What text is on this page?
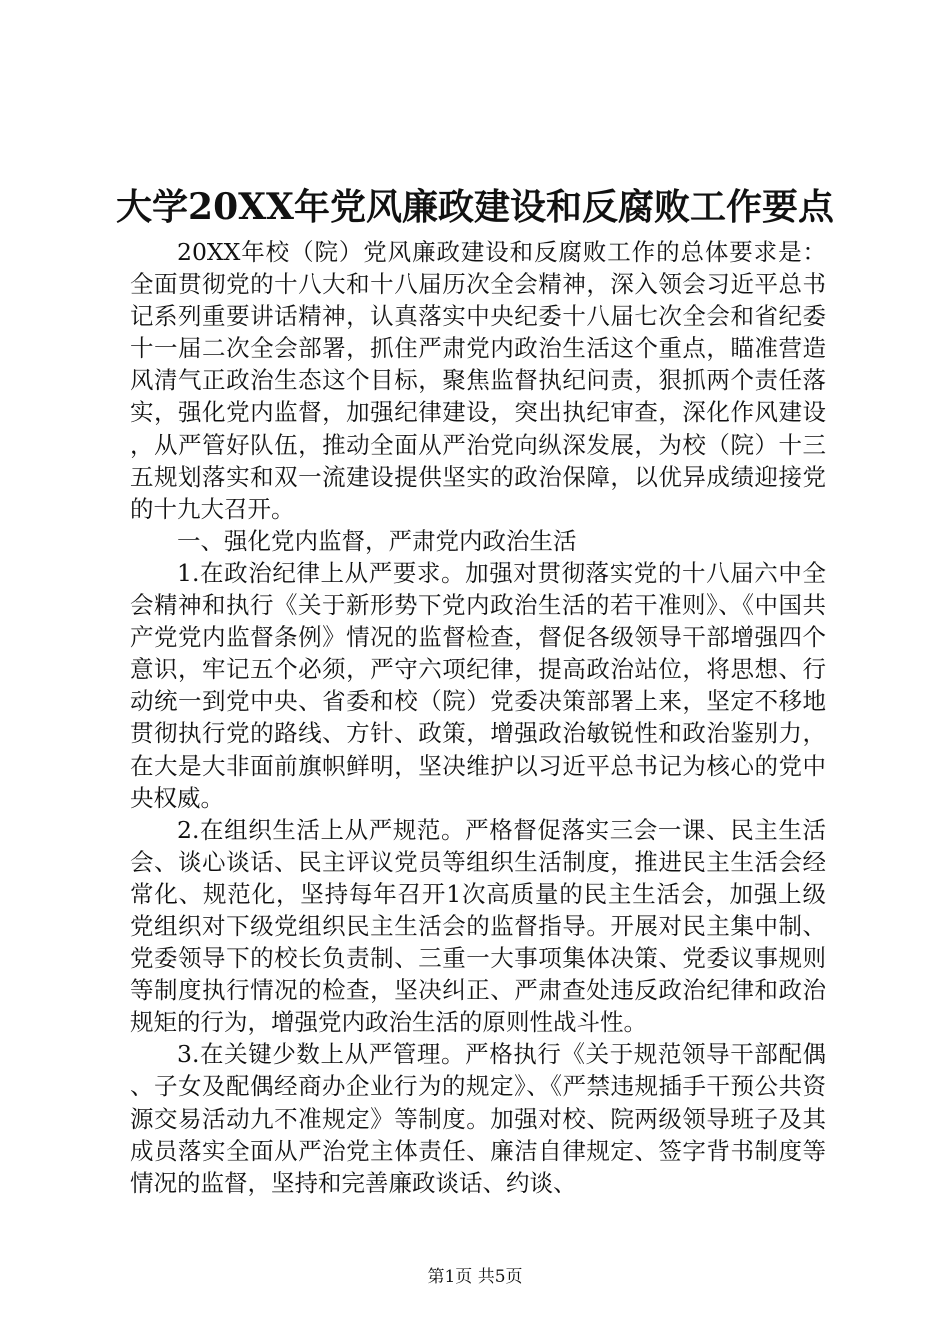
大学20XX年党风廉政建设和反腐败工作要点

20XX年校（院）党风廉政建设和反腐败工作的总体要求是：全面贯彻党的十八大和十八届历次全会精神，深入领会习近平总书记系列重要讲话精神，认真落实中央纪委十八届七次全会和省纪委十一届二次全会部署，抓住严肃党内政治生活这个重点，瞄准营造风清气正政治生态这个目标，聚焦监督执纪问责，狠抓两个责任落实，强化党内监督，加强纪律建设，突出执纪审查，深化作风建设，从严管好队伍，推动全面从严治党向纵深发展，为校（院）十三五规划落实和双一流建设提供坚实的政治保障，以优异成绩迎接党的十九大召开。

一、强化党内监督，严肃党内政治生活

1.在政治纪律上从严要求。加强对贯彻落实党的十八届六中全会精神和执行《关于新形势下党内政治生活的若干准则》、《中国共产党党内监督条例》情况的监督检查，督促各级领导干部增强四个意识，牢记五个必须，严守六项纪律，提高政治站位，将思想、行动统一到党中央、省委和校（院）党委决策部署上来，坚定不移地贯彻执行党的路线、方针、政策，增强政治敏锐性和政治鉴别力，在大是大非面前旗帜鲜明，坚决维护以习近平总书记为核心的党中央权威。

2.在组织生活上从严规范。严格督促落实三会一课、民主生活会、谈心谈话、民主评议党员等组织生活制度，推进民主生活会经常化、规范化，坚持每年召开1次高质量的民主生活会，加强上级党组织对下级党组织民主生活会的监督指导。开展对民主集中制、党委领导下的校长负责制、三重一大事项集体决策、党委议事规则等制度执行情况的检查，坚决纠正、严肃查处违反政治纪律和政治规矩的行为，增强党内政治生活的原则性战斗性。

3.在关键少数上从严管理。严格执行《关于规范领导干部配偶、子女及配偶经商办企业行为的规定》、《严禁违规插手干预公共资源交易活动九不准规定》等制度。加强对校、院两级领导班子及其成员落实全面从严治党主体责任、廉洁自律规定、签字背书制度等情况的监督，坚持和完善廉政谈话、约谈、

第1页 共5页
